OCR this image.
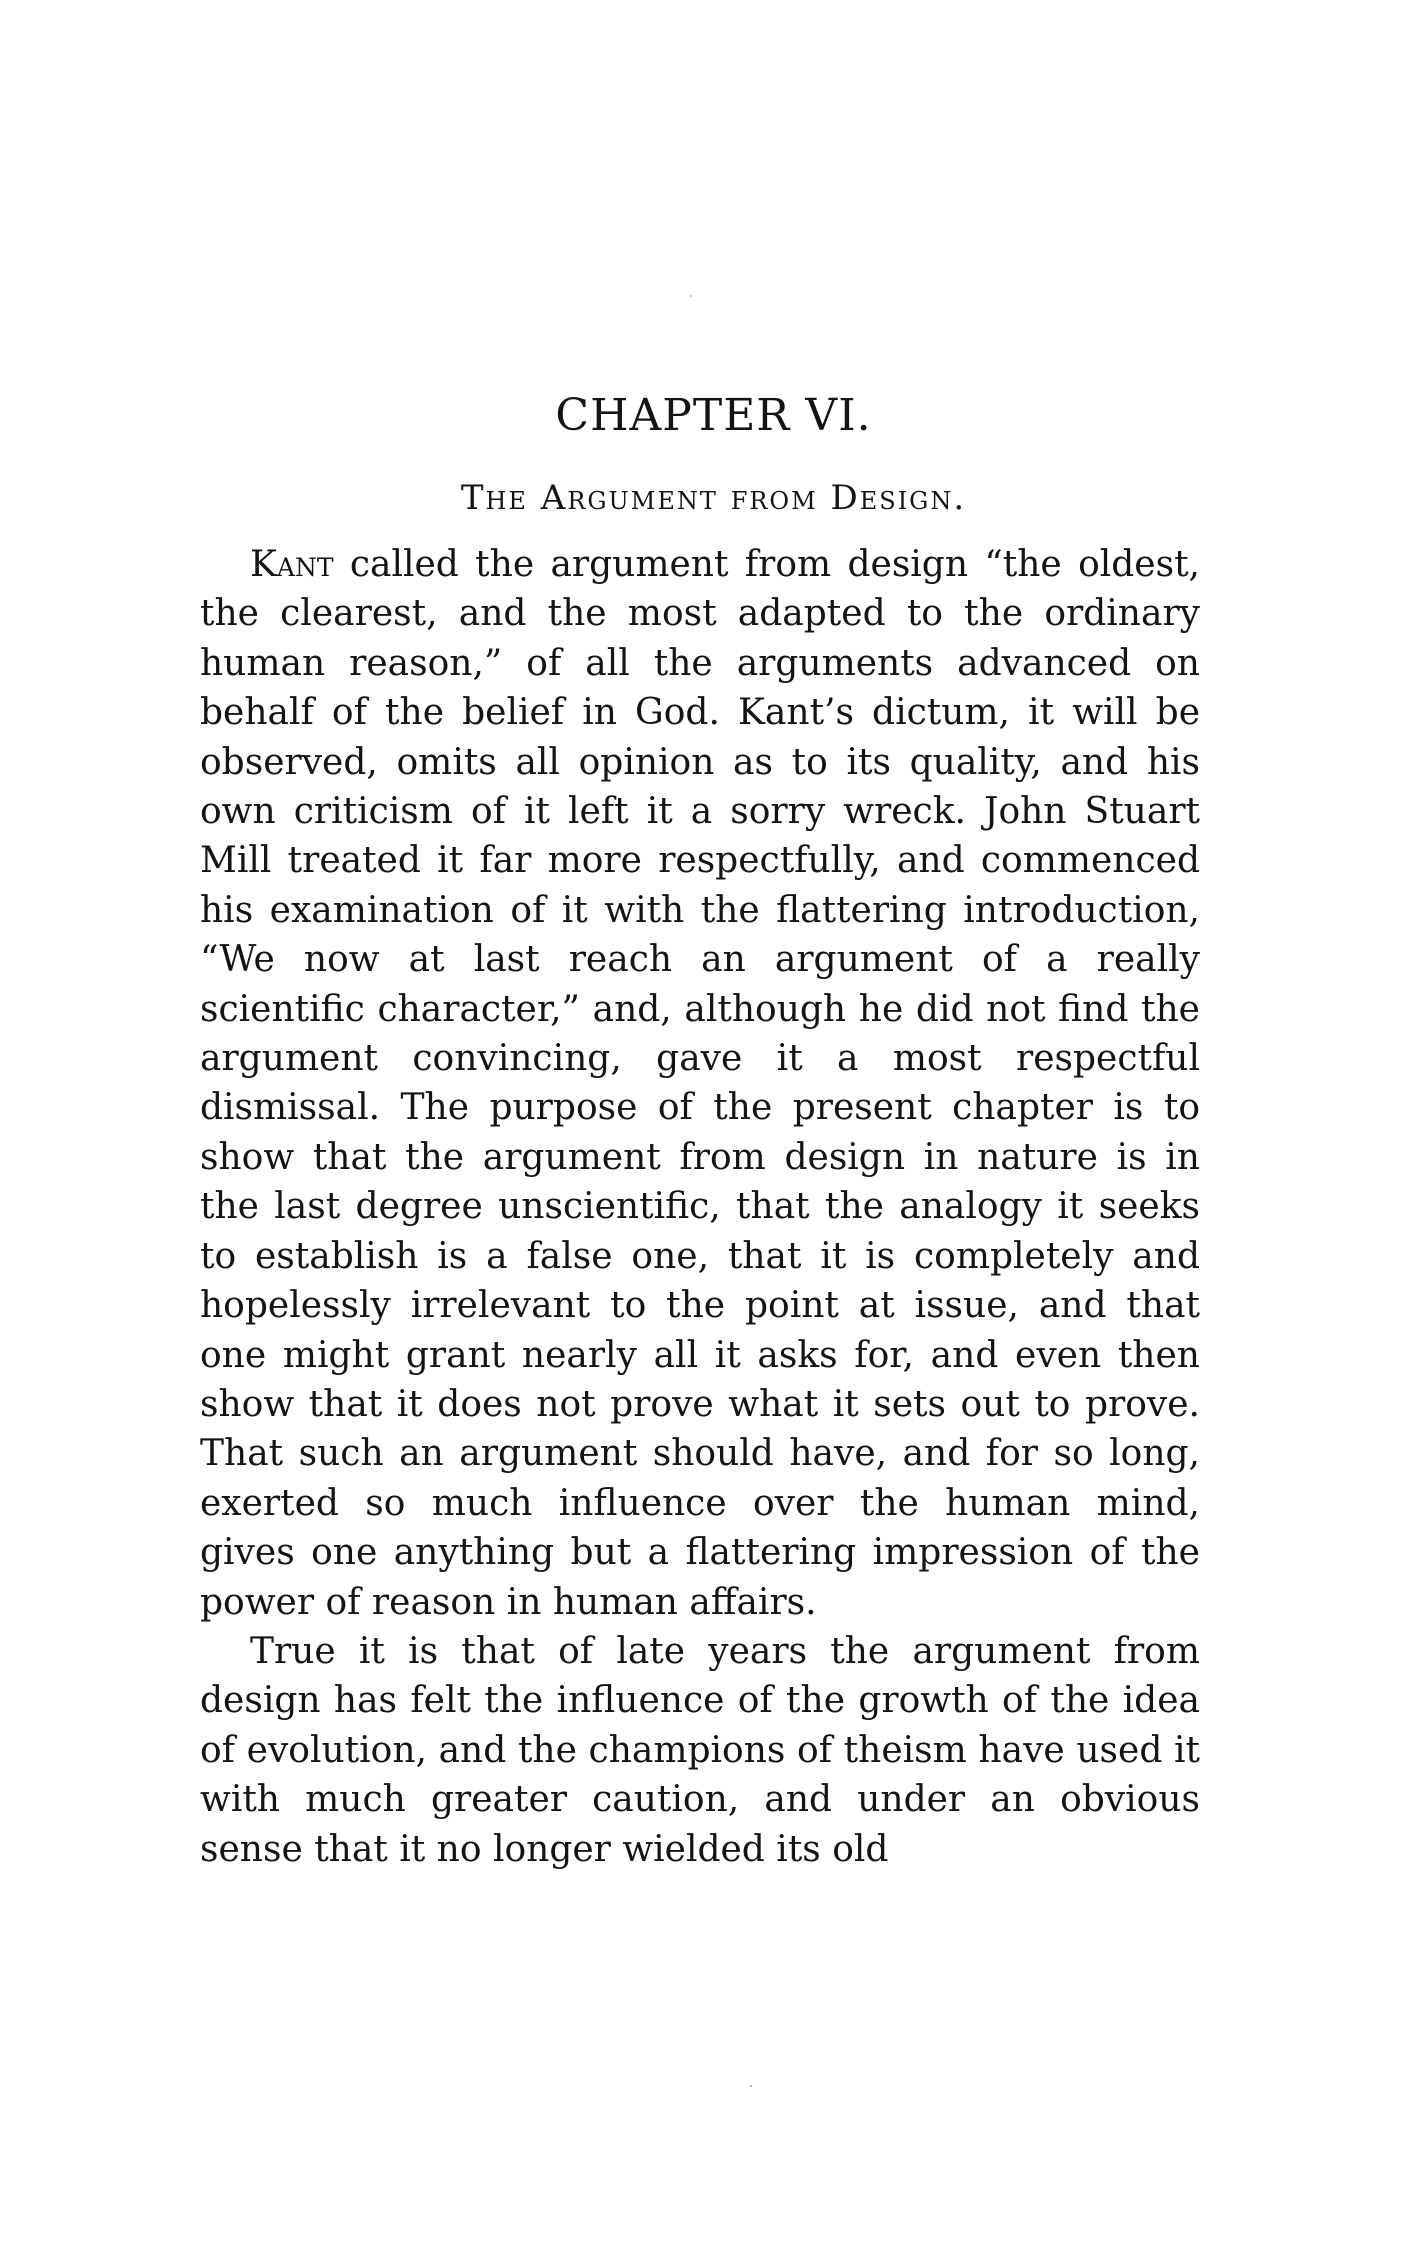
CHAPTER VI.
The Argument from Design.

Kant called the argument from design “the oldest, the clearest, and the most adapted to the ordinary human reason,” of all the arguments advanced on behalf of the belief in God. Kant’s dictum, it will be observed, omits all opinion as to its quality, and his own criticism of it left it a sorry wreck. John Stuart Mill treated it far more respectfully, and commenced his examination of it with the flattering introduction, “We now at last reach an argument of a really scientific character,” and, although he did not find the argument convincing, gave it a most respectful dismissal. The purpose of the present chapter is to show that the argument from design in nature is in the last degree unscientific, that the analogy it seeks to establish is a false one, that it is completely and hopelessly irrelevant to the point at issue, and that one might grant nearly all it asks for, and even then show that it does not prove what it sets out to prove. That such an argument should have, and for so long, exerted so much influence over the human mind, gives one anything but a flattering impression of the power of reason in human affairs.

True it is that of late years the argument from design has felt the influence of the growth of the idea of evolution, and the champions of theism have used it with much greater caution, and under an obvious sense that it no longer wielded its old
